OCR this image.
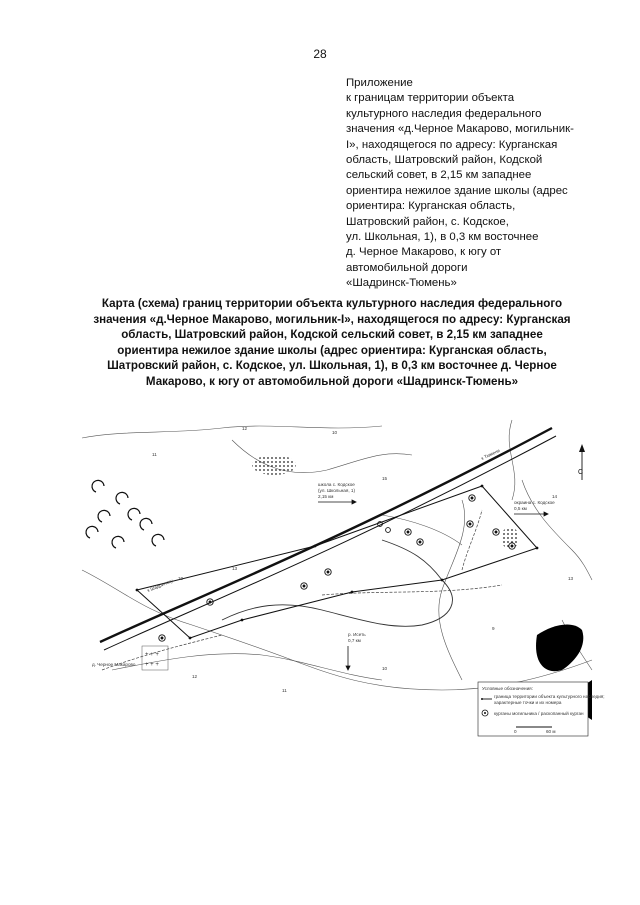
28
Приложение
к границам территории объекта
культурного наследия федерального
значения «д.Черное Макарово, могильник-
I», находящегося по адресу: Курганская
область, Шатровский район, Кодской
сельский совет, в 2,15 км западнее
ориентира нежилое здание школы (адрес
ориентира: Курганская область,
Шатровский район, с. Кодское,
ул. Школьная, 1), в 0,3 км восточнее
д. Черное Макарово, к югу от
автомобильной дороги
«Шадринск-Тюмень»
Карта (схема) границ территории объекта культурного наследия федерального
значения «д.Черное Макарово, могильник-I», находящегося по адресу: Курганская
область, Шатровский район, Кодской сельский совет, в 2,15 км западнее
ориентира нежилое здание школы (адрес ориентира: Курганская область,
Шатровский район, с. Кодское, ул. Школьная, 1), в 0,3 км восточнее д. Черное
Макарово, к югу от автомобильной дороги «Шадринск-Тюмень»
+ + +
+ + +
11
12
10
15
14
13
12
11
10
9
13
10
к Тюмени
к Шадринску
школа с. Кодское
(ул. Школьная, 1)
2,15 км
окраина с. Кодское
0,5 км
р. Исеть
0,7 км
д. Черное Макарово
С
Условные обозначения:
граница территории объекта культурного наследия;
характерные точки и их номера
курганы могильника / раскопанный курган
0	60 м
